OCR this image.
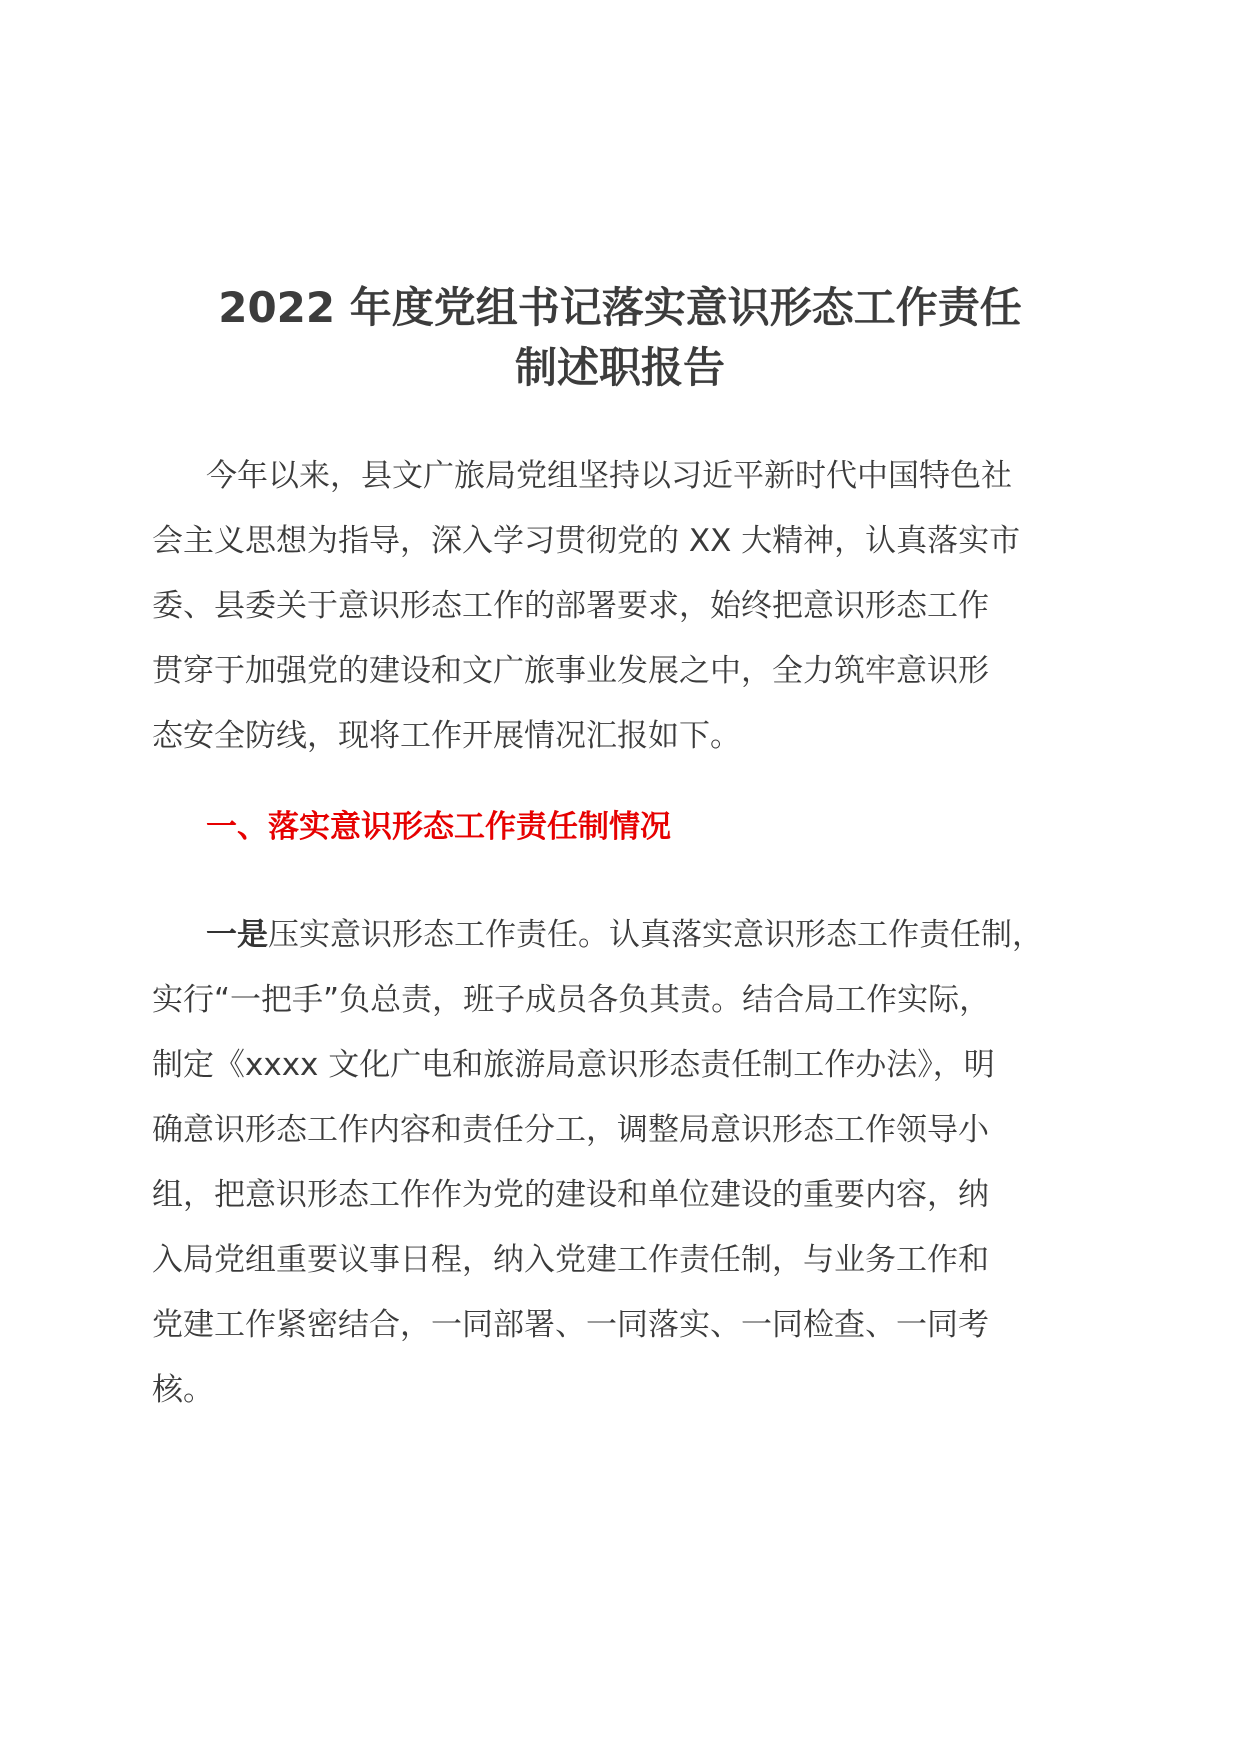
2022 年度党组书记落实意识形态工作责任
制述职报告

今年以来，县文广旅局党组坚持以习近平新时代中国特色社
会主义思想为指导，深入学习贯彻党的 XX 大精神，认真落实市
委、县委关于意识形态工作的部署要求，始终把意识形态工作
贯穿于加强党的建设和文广旅事业发展之中，全力筑牢意识形
态安全防线，现将工作开展情况汇报如下。

一、落实意识形态工作责任制情况

一是压实意识形态工作责任。认真落实意识形态工作责任制，
实行“一把手”负总责，班子成员各负其责。结合局工作实际，
制定《xxxx 文化广电和旅游局意识形态责任制工作办法》，明
确意识形态工作内容和责任分工，调整局意识形态工作领导小
组，把意识形态工作作为党的建设和单位建设的重要内容，纳
入局党组重要议事日程，纳入党建工作责任制，与业务工作和
党建工作紧密结合，一同部署、一同落实、一同检查、一同考
核。
